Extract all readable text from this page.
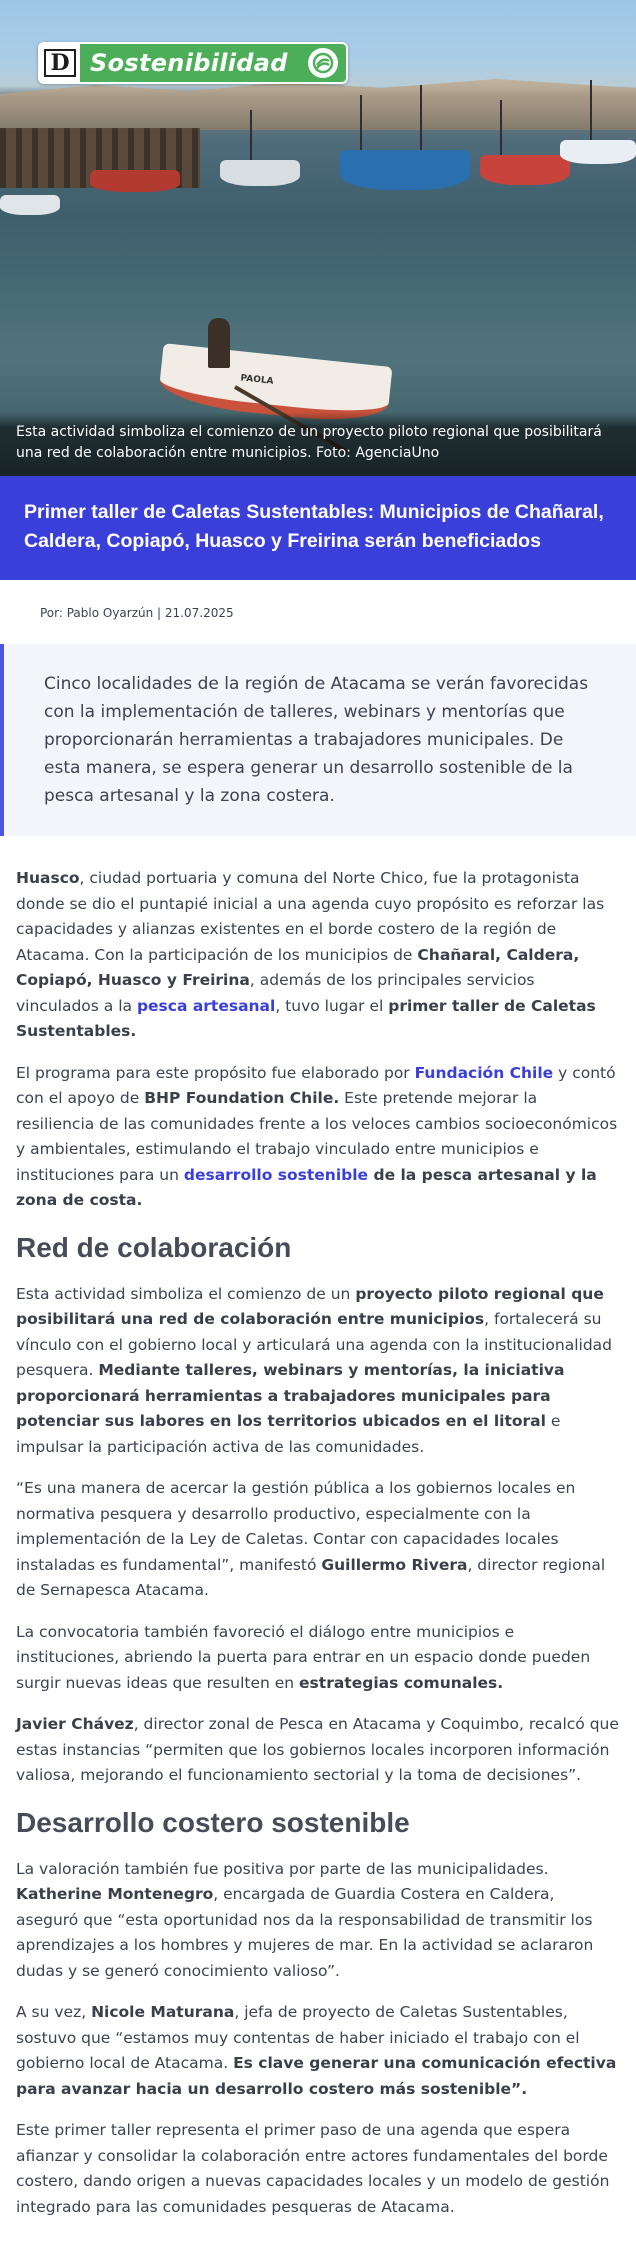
PAOLA
D Sostenibilidad
Esta actividad simboliza el comienzo de un proyecto piloto regional que posibilitará una red de colaboración entre municipios. Foto: AgenciaUno
Primer taller de Caletas Sustentables: Municipios de Chañaral, Caldera, Copiapó, Huasco y Freirina serán beneficiados
Por: Pablo Oyarzún | 21.07.2025

Cinco localidades de la región de Atacama se verán favorecidas con la implementación de talleres, webinars y mentorías que proporcionarán herramientas a trabajadores municipales. De esta manera, se espera generar un desarrollo sostenible de la pesca artesanal y la zona costera.

Huasco, ciudad portuaria y comuna del Norte Chico, fue la protagonista donde se dio el puntapié inicial a una agenda cuyo propósito es reforzar las capacidades y alianzas existentes en el borde costero de la región de Atacama. Con la participación de los municipios de Chañaral, Caldera, Copiapó, Huasco y Freirina, además de los principales servicios vinculados a la pesca artesanal, tuvo lugar el primer taller de Caletas Sustentables.

El programa para este propósito fue elaborado por Fundación Chile y contó con el apoyo de BHP Foundation Chile. Este pretende mejorar la resiliencia de las comunidades frente a los veloces cambios socioeconómicos y ambientales, estimulando el trabajo vinculado entre municipios e instituciones para un desarrollo sostenible de la pesca artesanal y la zona de costa.

Red de colaboración

Esta actividad simboliza el comienzo de un proyecto piloto regional que posibilitará una red de colaboración entre municipios, fortalecerá su vínculo con el gobierno local y articulará una agenda con la institucionalidad pesquera. Mediante talleres, webinars y mentorías, la iniciativa proporcionará herramientas a trabajadores municipales para potenciar sus labores en los territorios ubicados en el litoral e impulsar la participación activa de las comunidades.

“Es una manera de acercar la gestión pública a los gobiernos locales en normativa pesquera y desarrollo productivo, especialmente con la implementación de la Ley de Caletas. Contar con capacidades locales instaladas es fundamental”, manifestó Guillermo Rivera, director regional de Sernapesca Atacama.

La convocatoria también favoreció el diálogo entre municipios e instituciones, abriendo la puerta para entrar en un espacio donde pueden surgir nuevas ideas que resulten en estrategias comunales.

Javier Chávez, director zonal de Pesca en Atacama y Coquimbo, recalcó que estas instancias “permiten que los gobiernos locales incorporen información valiosa, mejorando el funcionamiento sectorial y la toma de decisiones”.

Desarrollo costero sostenible

La valoración también fue positiva por parte de las municipalidades. Katherine Montenegro, encargada de Guardia Costera en Caldera, aseguró que “esta oportunidad nos da la responsabilidad de transmitir los aprendizajes a los hombres y mujeres de mar. En la actividad se aclararon dudas y se generó conocimiento valioso”.

A su vez, Nicole Maturana, jefa de proyecto de Caletas Sustentables, sostuvo que “estamos muy contentas de haber iniciado el trabajo con el gobierno local de Atacama. Es clave generar una comunicación efectiva para avanzar hacia un desarrollo costero más sostenible”.

Este primer taller representa el primer paso de una agenda que espera afianzar y consolidar la colaboración entre actores fundamentales del borde costero, dando origen a nuevas capacidades locales y un modelo de gestión integrado para las comunidades pesqueras de Atacama.
